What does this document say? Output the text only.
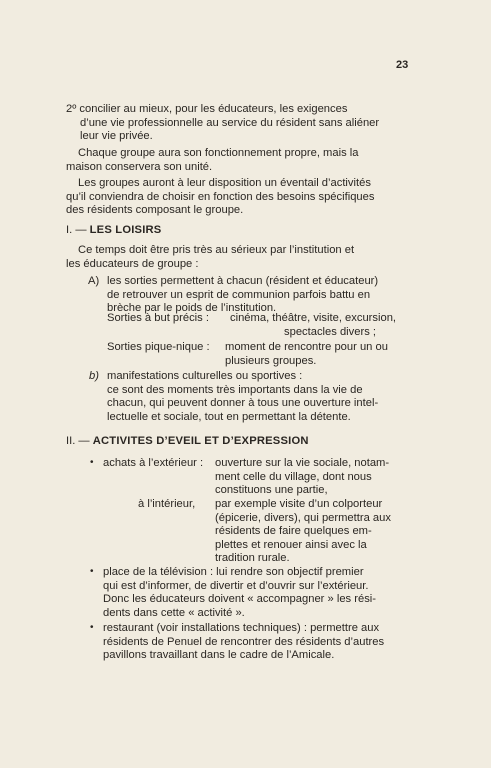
23
2º concilier au mieux, pour les éducateurs, les exigences
d’une vie professionnelle au service du résident sans aliéner
leur vie privée.
Chaque groupe aura son fonctionnement propre, mais la
maison conservera son unité.
Les groupes auront à leur disposition un éventail d’activités
qu’il conviendra de choisir en fonction des besoins spécifiques
des résidents composant le groupe.
I. — LES LOISIRS
Ce temps doit être pris très au sérieux par l’institution et
les éducateurs de groupe :
A) les sorties permettent à chacun (résident et éducateur)
de retrouver un esprit de communion parfois battu en
brèche par le poids de l’institution.
Sorties à but précis : cinéma, théâtre, visite, excursion,
spectacles divers ;
Sorties pique-nique : moment de rencontre pour un ou
plusieurs groupes.
b) manifestations culturelles ou sportives :
ce sont des moments très importants dans la vie de
chacun, qui peuvent donner à tous une ouverture intel-
lectuelle et sociale, tout en permettant la détente.
II. — ACTIVITES D’EVEIL ET D’EXPRESSION
• achats à l’extérieur : ouverture sur la vie sociale, notam-
ment celle du village, dont nous
constituons une partie,
à l’intérieur, par exemple visite d’un colporteur
(épicerie, divers), qui permettra aux
résidents de faire quelques em-
plettes et renouer ainsi avec la
tradition rurale.
• place de la télévision : lui rendre son objectif premier
qui est d’informer, de divertir et d’ouvrir sur l’extérieur.
Donc les éducateurs doivent « accompagner » les rési-
dents dans cette « activité ».
• restaurant (voir installations techniques) : permettre aux
résidents de Penuel de rencontrer des résidents d’autres
pavillons travaillant dans le cadre de l’Amicale.
